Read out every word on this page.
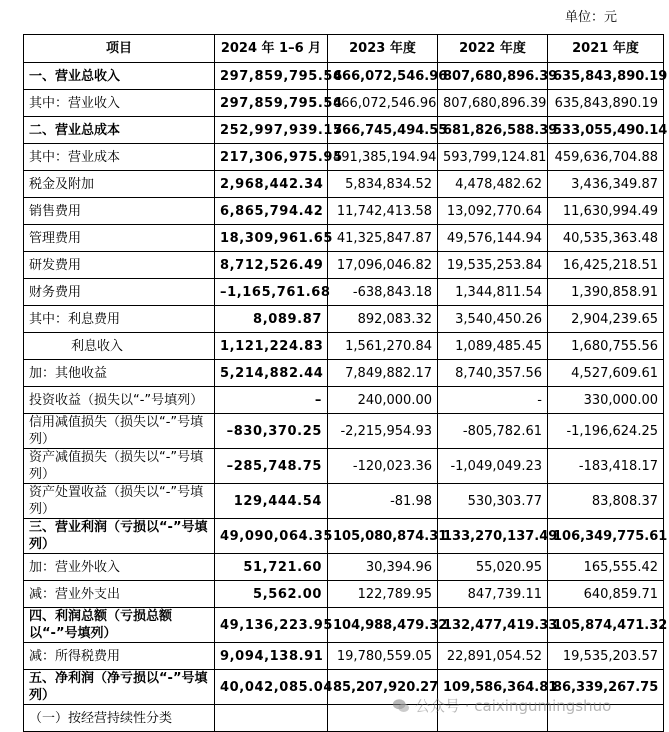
单位：元
项目	2024 年 1–6 月	2023 年度	2022 年度	2021 年度
一、营业总收入	297,859,795.54	666,072,546.96	807,680,896.39	635,843,890.19
其中：营业收入	297,859,795.54	666,072,546.96	807,680,896.39	635,843,890.19
二、营业总成本	252,997,939.17	566,745,494.55	681,826,588.39	533,055,490.14
其中：营业成本	217,306,975.95	491,385,194.94	593,799,124.81	459,636,704.88
税金及附加	2,968,442.34	5,834,834.52	4,478,482.62	3,436,349.87
销售费用	6,865,794.42	11,742,413.58	13,092,770.64	11,630,994.49
管理费用	18,309,961.65	41,325,847.87	49,576,144.94	40,535,363.48
研发费用	8,712,526.49	17,096,046.82	19,535,253.84	16,425,218.51
财务费用	–1,165,761.68	-638,843.18	1,344,811.54	1,390,858.91
其中：利息费用	8,089.87	892,083.32	3,540,450.26	2,904,239.65
利息收入	1,121,224.83	1,561,270.84	1,089,485.45	1,680,755.56
加：其他收益	5,214,882.44	7,849,882.17	8,740,357.56	4,527,609.61
投资收益（损失以“-”号填列）	–	240,000.00	-	330,000.00
信用减值损失（损失以“-”号填列）	–830,370.25	-2,215,954.93	-805,782.61	-1,196,624.25
资产减值损失（损失以“-”号填列）	–285,748.75	-120,023.36	-1,049,049.23	-183,418.17
资产处置收益（损失以“-”号填列）	129,444.54	-81.98	530,303.77	83,808.37
三、营业利润（亏损以“-”号填列）	49,090,064.35	105,080,874.31	133,270,137.49	106,349,775.61
加：营业外收入	51,721.60	30,394.96	55,020.95	165,555.42
减：营业外支出	5,562.00	122,789.95	847,739.11	640,859.71
四、利润总额（亏损总额以“-”号填列）	49,136,223.95	104,988,479.32	132,477,419.33	105,874,471.32
减：所得税费用	9,094,138.91	19,780,559.05	22,891,054.52	19,535,203.57
五、净利润（净亏损以“-”号填列）	40,042,085.04	85,207,920.27	109,586,364.81	86,339,267.75
（一）按经营持续性分类				
公众号 · caixingumingshuo
